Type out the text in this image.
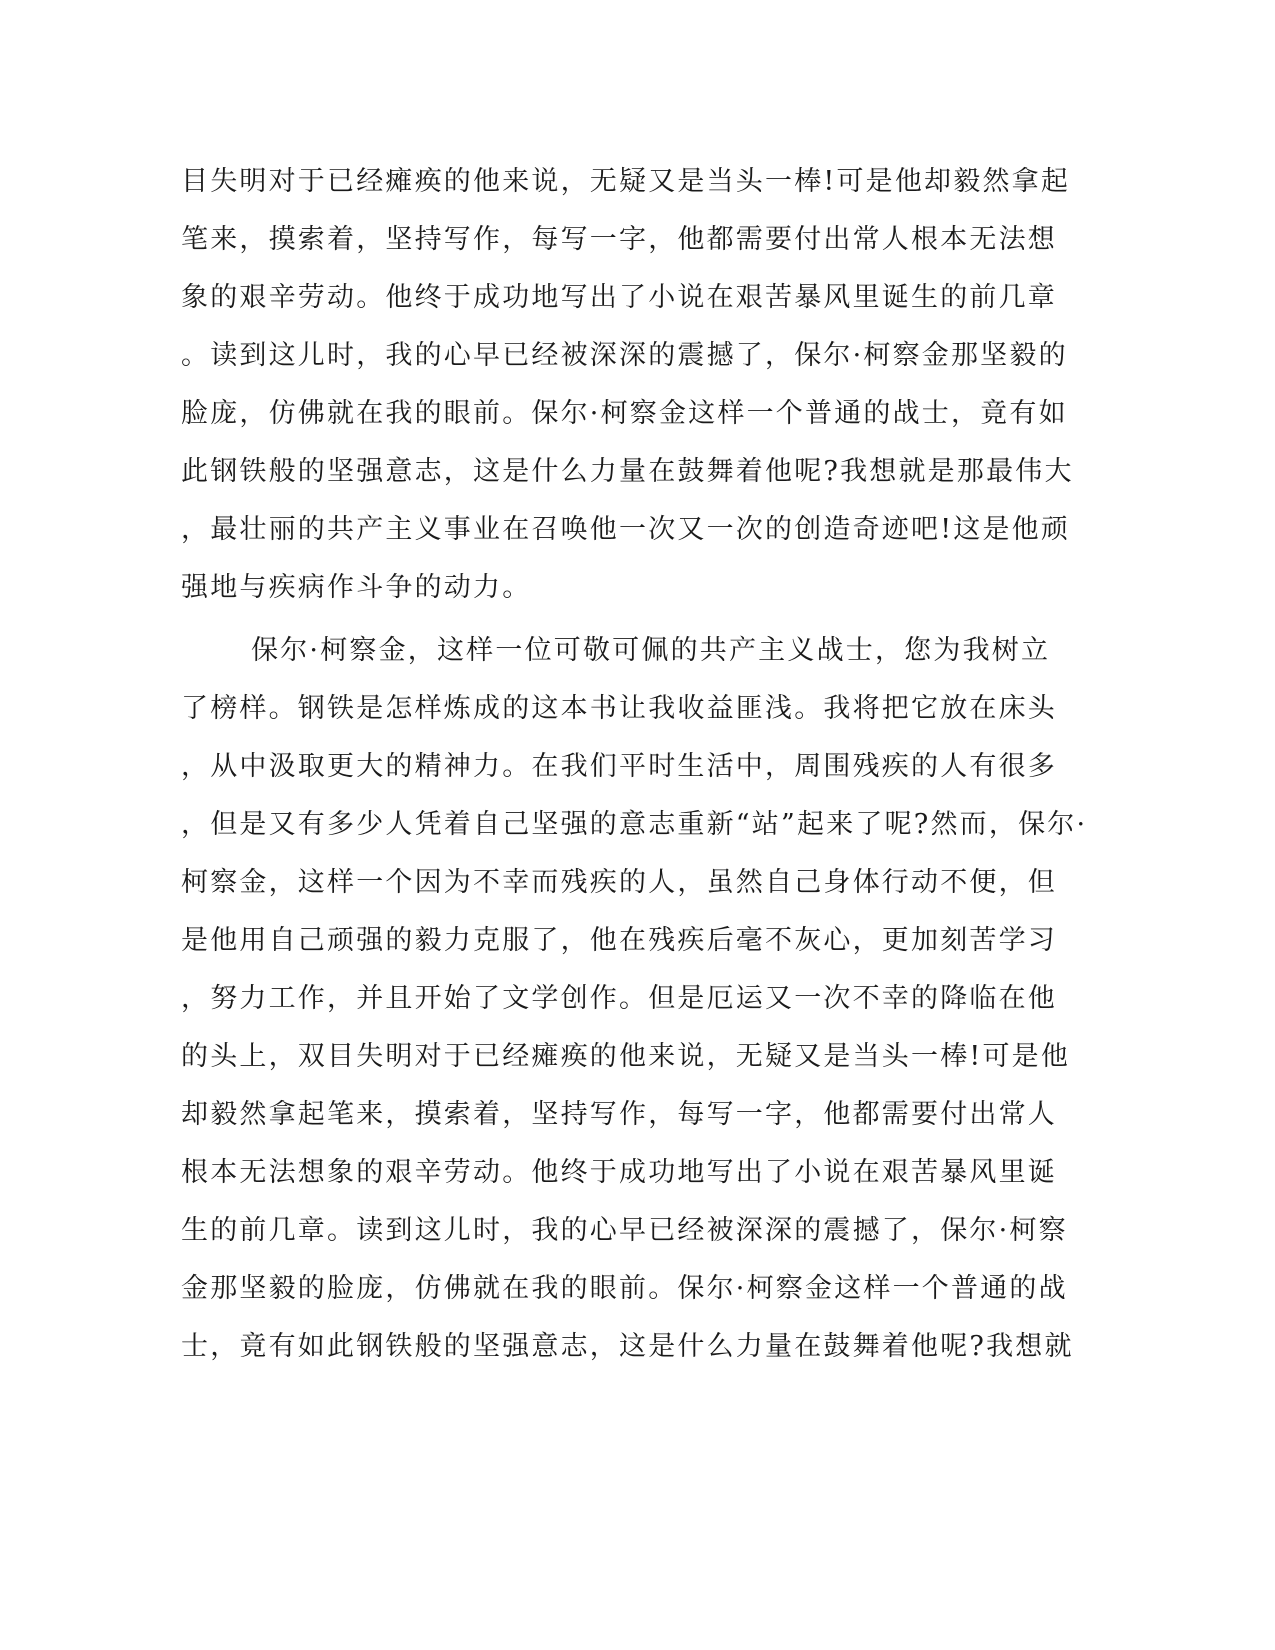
目失明对于已经瘫痪的他来说，无疑又是当头一棒!可是他却毅然拿起
笔来，摸索着，坚持写作，每写一字，他都需要付出常人根本无法想
象的艰辛劳动。他终于成功地写出了小说在艰苦暴风里诞生的前几章
。读到这儿时，我的心早已经被深深的震撼了，保尔·柯察金那坚毅的
脸庞，仿佛就在我的眼前。保尔·柯察金这样一个普通的战士，竟有如
此钢铁般的坚强意志，这是什么力量在鼓舞着他呢?我想就是那最伟大
，最壮丽的共产主义事业在召唤他一次又一次的创造奇迹吧!这是他顽
强地与疾病作斗争的动力。
保尔·柯察金，这样一位可敬可佩的共产主义战士，您为我树立
了榜样。钢铁是怎样炼成的这本书让我收益匪浅。我将把它放在床头
，从中汲取更大的精神力。在我们平时生活中，周围残疾的人有很多
，但是又有多少人凭着自己坚强的意志重新“站”起来了呢?然而，保尔·
柯察金，这样一个因为不幸而残疾的人，虽然自己身体行动不便，但
是他用自己顽强的毅力克服了，他在残疾后毫不灰心，更加刻苦学习
，努力工作，并且开始了文学创作。但是厄运又一次不幸的降临在他
的头上，双目失明对于已经瘫痪的他来说，无疑又是当头一棒!可是他
却毅然拿起笔来，摸索着，坚持写作，每写一字，他都需要付出常人
根本无法想象的艰辛劳动。他终于成功地写出了小说在艰苦暴风里诞
生的前几章。读到这儿时，我的心早已经被深深的震撼了，保尔·柯察
金那坚毅的脸庞，仿佛就在我的眼前。保尔·柯察金这样一个普通的战
士，竟有如此钢铁般的坚强意志，这是什么力量在鼓舞着他呢?我想就
